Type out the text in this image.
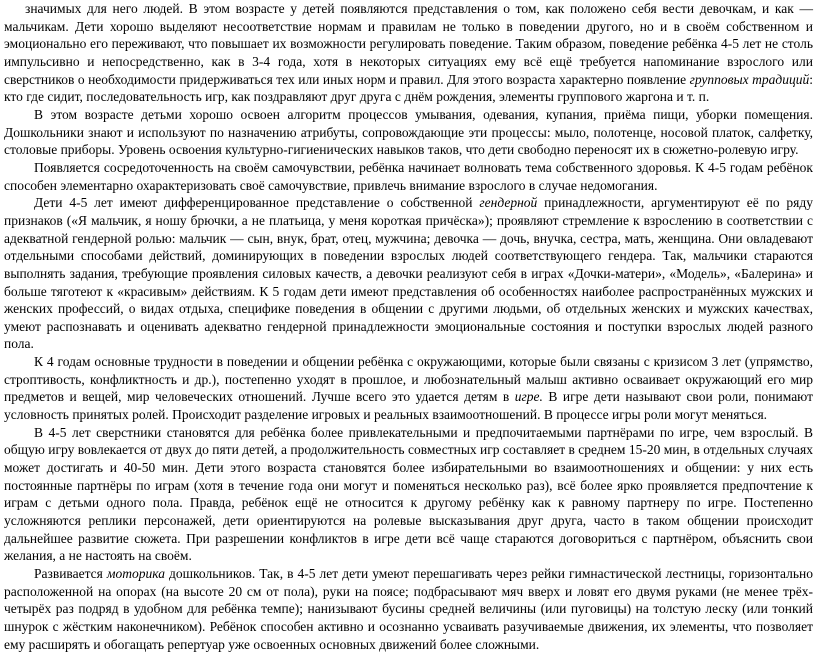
значимых для него людей. В этом возрасте у детей появляются представления о том, как положено себя вести девочкам, и как — мальчикам. Дети хорошо выделяют несоответствие нормам и правилам не только в поведении другого, но и в своём собственном и эмоционально его переживают, что повышает их возможности регулировать поведение. Таким образом, поведение ребёнка 4-5 лет не столь импульсивно и непосредственно, как в 3-4 года, хотя в некоторых ситуациях ему всё ещё требуется напоминание взрослого или сверстников о необходимости придерживаться тех или иных норм и правил. Для этого возраста характерно появление групповых традиций: кто где сидит, последовательность игр, как поздравляют друг друга с днём рождения, элементы группового жаргона и т. п.

В этом возрасте детьми хорошо освоен алгоритм процессов умывания, одевания, купания, приёма пищи, уборки помещения. Дошкольники знают и используют по назначению атрибуты, сопровождающие эти процессы: мыло, полотенце, носовой платок, салфетку, столовые приборы. Уровень освоения культурно-гигиенических навыков таков, что дети свободно переносят их в сюжетно-ролевую игру.

Появляется сосредоточенность на своём самочувствии, ребёнка начинает волновать тема собственного здоровья. К 4-5 годам ребёнок способен элементарно охарактеризовать своё самочувствие, привлечь внимание взрослого в случае недомогания.

Дети 4-5 лет имеют дифференцированное представление о собственной гендерной принадлежности, аргументируют её по ряду признаков («Я мальчик, я ношу брючки, а не платьица, у меня короткая причёска»); проявляют стремление к взрослению в соответствии с адекватной гендерной ролью: мальчик — сын, внук, брат, отец, мужчина; девочка — дочь, внучка, сестра, мать, женщина. Они овладевают отдельными способами действий, доминирующих в поведении взрослых людей соответствующего гендера. Так, мальчики стараются выполнять задания, требующие проявления силовых качеств, а девочки реализуют себя в играх «Дочки-матери», «Модель», «Балерина» и больше тяготеют к «красивым» действиям. К 5 годам дети имеют представления об особенностях наиболее распространённых мужских и женских профессий, о видах отдыха, специфике поведения в общении с другими людьми, об отдельных женских и мужских качествах, умеют распознавать и оценивать адекватно гендерной принадлежности эмоциональные состояния и поступки взрослых людей разного пола.

К 4 годам основные трудности в поведении и общении ребёнка с окружающими, которые были связаны с кризисом 3 лет (упрямство, строптивость, конфликтность и др.), постепенно уходят в прошлое, и любознательный малыш активно осваивает окружающий его мир предметов и вещей, мир человеческих отношений. Лучше всего это удается детям в игре. В игре дети называют свои роли, понимают условность принятых ролей. Происходит разделение игровых и реальных взаимоотношений. В процессе игры роли могут меняться.

В 4-5 лет сверстники становятся для ребёнка более привлекательными и предпочитаемыми партнёрами по игре, чем взрослый. В общую игру вовлекается от двух до пяти детей, а продолжительность совместных игр составляет в среднем 15-20 мин, в отдельных случаях может достигать и 40-50 мин. Дети этого возраста становятся более избирательными во взаимоотношениях и общении: у них есть постоянные партнёры по играм (хотя в течение года они могут и поменяться несколько раз), всё более ярко проявляется предпочтение к играм с детьми одного пола. Правда, ребёнок ещё не относится к другому ребёнку как к равному партнеру по игре. Постепенно усложняются реплики персонажей, дети ориентируются на ролевые высказывания друг друга, часто в таком общении происходит дальнейшее развитие сюжета. При разрешении конфликтов в игре дети всё чаще стараются договориться с партнёром, объяснить свои желания, а не настоять на своём.

Развивается моторика дошкольников. Так, в 4-5 лет дети умеют перешагивать через рейки гимнастической лестницы, горизонтально расположенной на опорах (на высоте 20 см от пола), руки на поясе; подбрасывают мяч вверх и ловят его двумя руками (не менее трёх-четырёх раз подряд в удобном для ребёнка темпе); нанизывают бусины средней величины (или пуговицы) на толстую леску (или тонкий шнурок с жёстким наконечником). Ребёнок способен активно и осознанно усваивать разучиваемые движения, их элементы, что позволяет ему расширять и обогащать репертуар уже освоенных основных движений более сложными.
